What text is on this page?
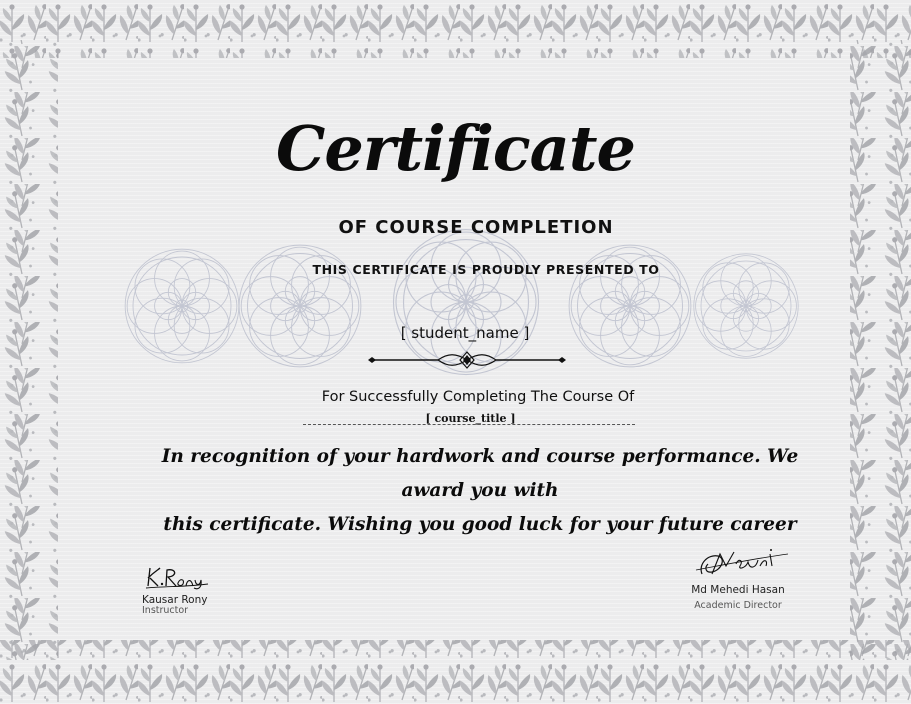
Certificate
OF COURSE COMPLETION
THIS CERTIFICATE IS PROUDLY PRESENTED TO
[ student_name ]
For Successfully Completing The Course Of
[ course_title ]
In recognition of your hardwork and course performance. We award you with
this certificate. Wishing you good luck for your future career
Kausar Rony
Instructor
Md Mehedi Hasan
Academic Director
